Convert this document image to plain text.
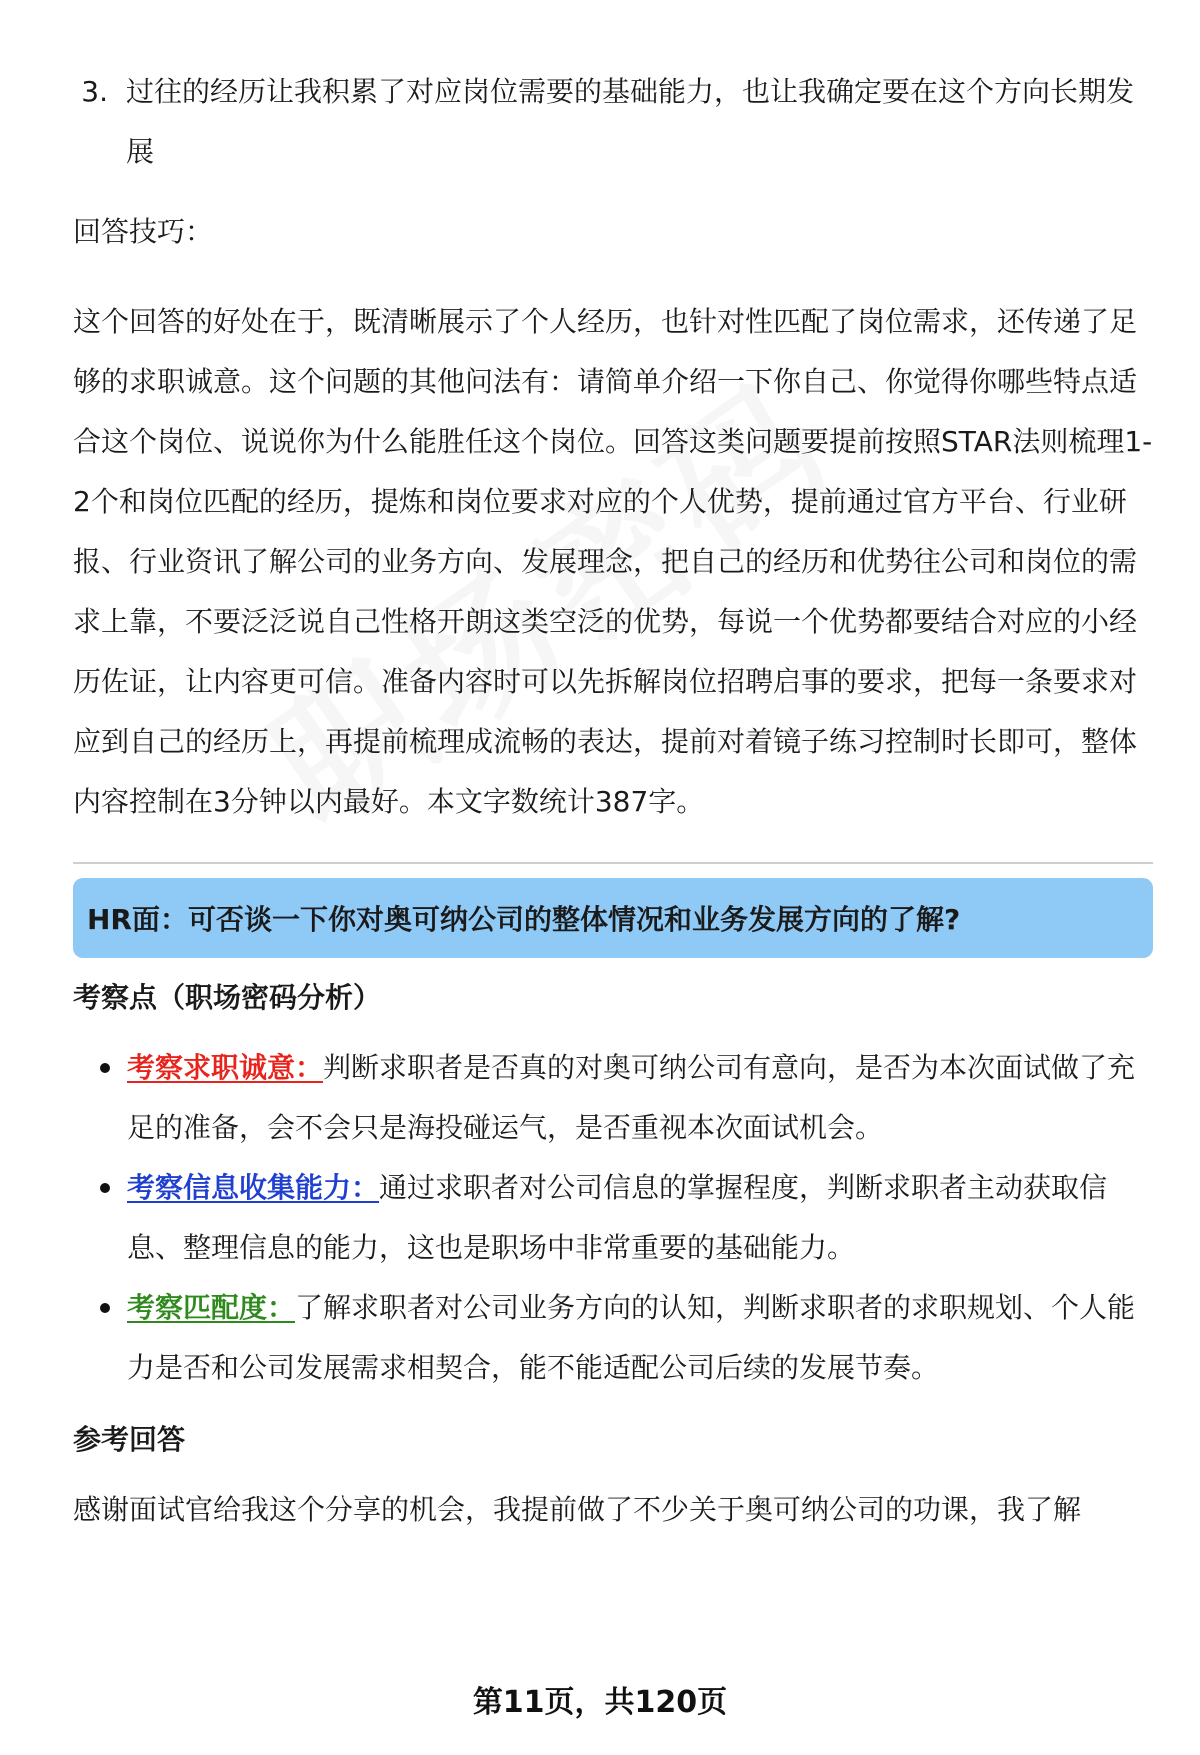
3. 过往的经历让我积累了对应岗位需要的基础能力，也让我确定要在这个方向长期发展

回答技巧：

这个回答的好处在于，既清晰展示了个人经历，也针对性匹配了岗位需求，还传递了足够的求职诚意。这个问题的其他问法有：请简单介绍一下你自己、你觉得你哪些特点适合这个岗位、说说你为什么能胜任这个岗位。回答这类问题要提前按照STAR法则梳理1-2个和岗位匹配的经历，提炼和岗位要求对应的个人优势，提前通过官方平台、行业研报、行业资讯了解公司的业务方向、发展理念，把自己的经历和优势往公司和岗位的需求上靠，不要泛泛说自己性格开朗这类空泛的优势，每说一个优势都要结合对应的小经历佐证，让内容更可信。准备内容时可以先拆解岗位招聘启事的要求，把每一条要求对应到自己的经历上，再提前梳理成流畅的表达，提前对着镜子练习控制时长即可，整体内容控制在3分钟以内最好。本文字数统计387字。

HR面：可否谈一下你对奥可纳公司的整体情况和业务发展方向的了解?
考察点（职场密码分析）
考察求职诚意：判断求职者是否真的对奥可纳公司有意向，是否为本次面试做了充足的准备，会不会只是海投碰运气，是否重视本次面试机会。
考察信息收集能力：通过求职者对公司信息的掌握程度，判断求职者主动获取信息、整理信息的能力，这也是职场中非常重要的基础能力。
考察匹配度：了解求职者对公司业务方向的认知，判断求职者的求职规划、个人能力是否和公司发展需求相契合，能不能适配公司后续的发展节奏。
参考回答

感谢面试官给我这个分享的机会，我提前做了不少关于奥可纳公司的功课，我了解

第11页，共120页
